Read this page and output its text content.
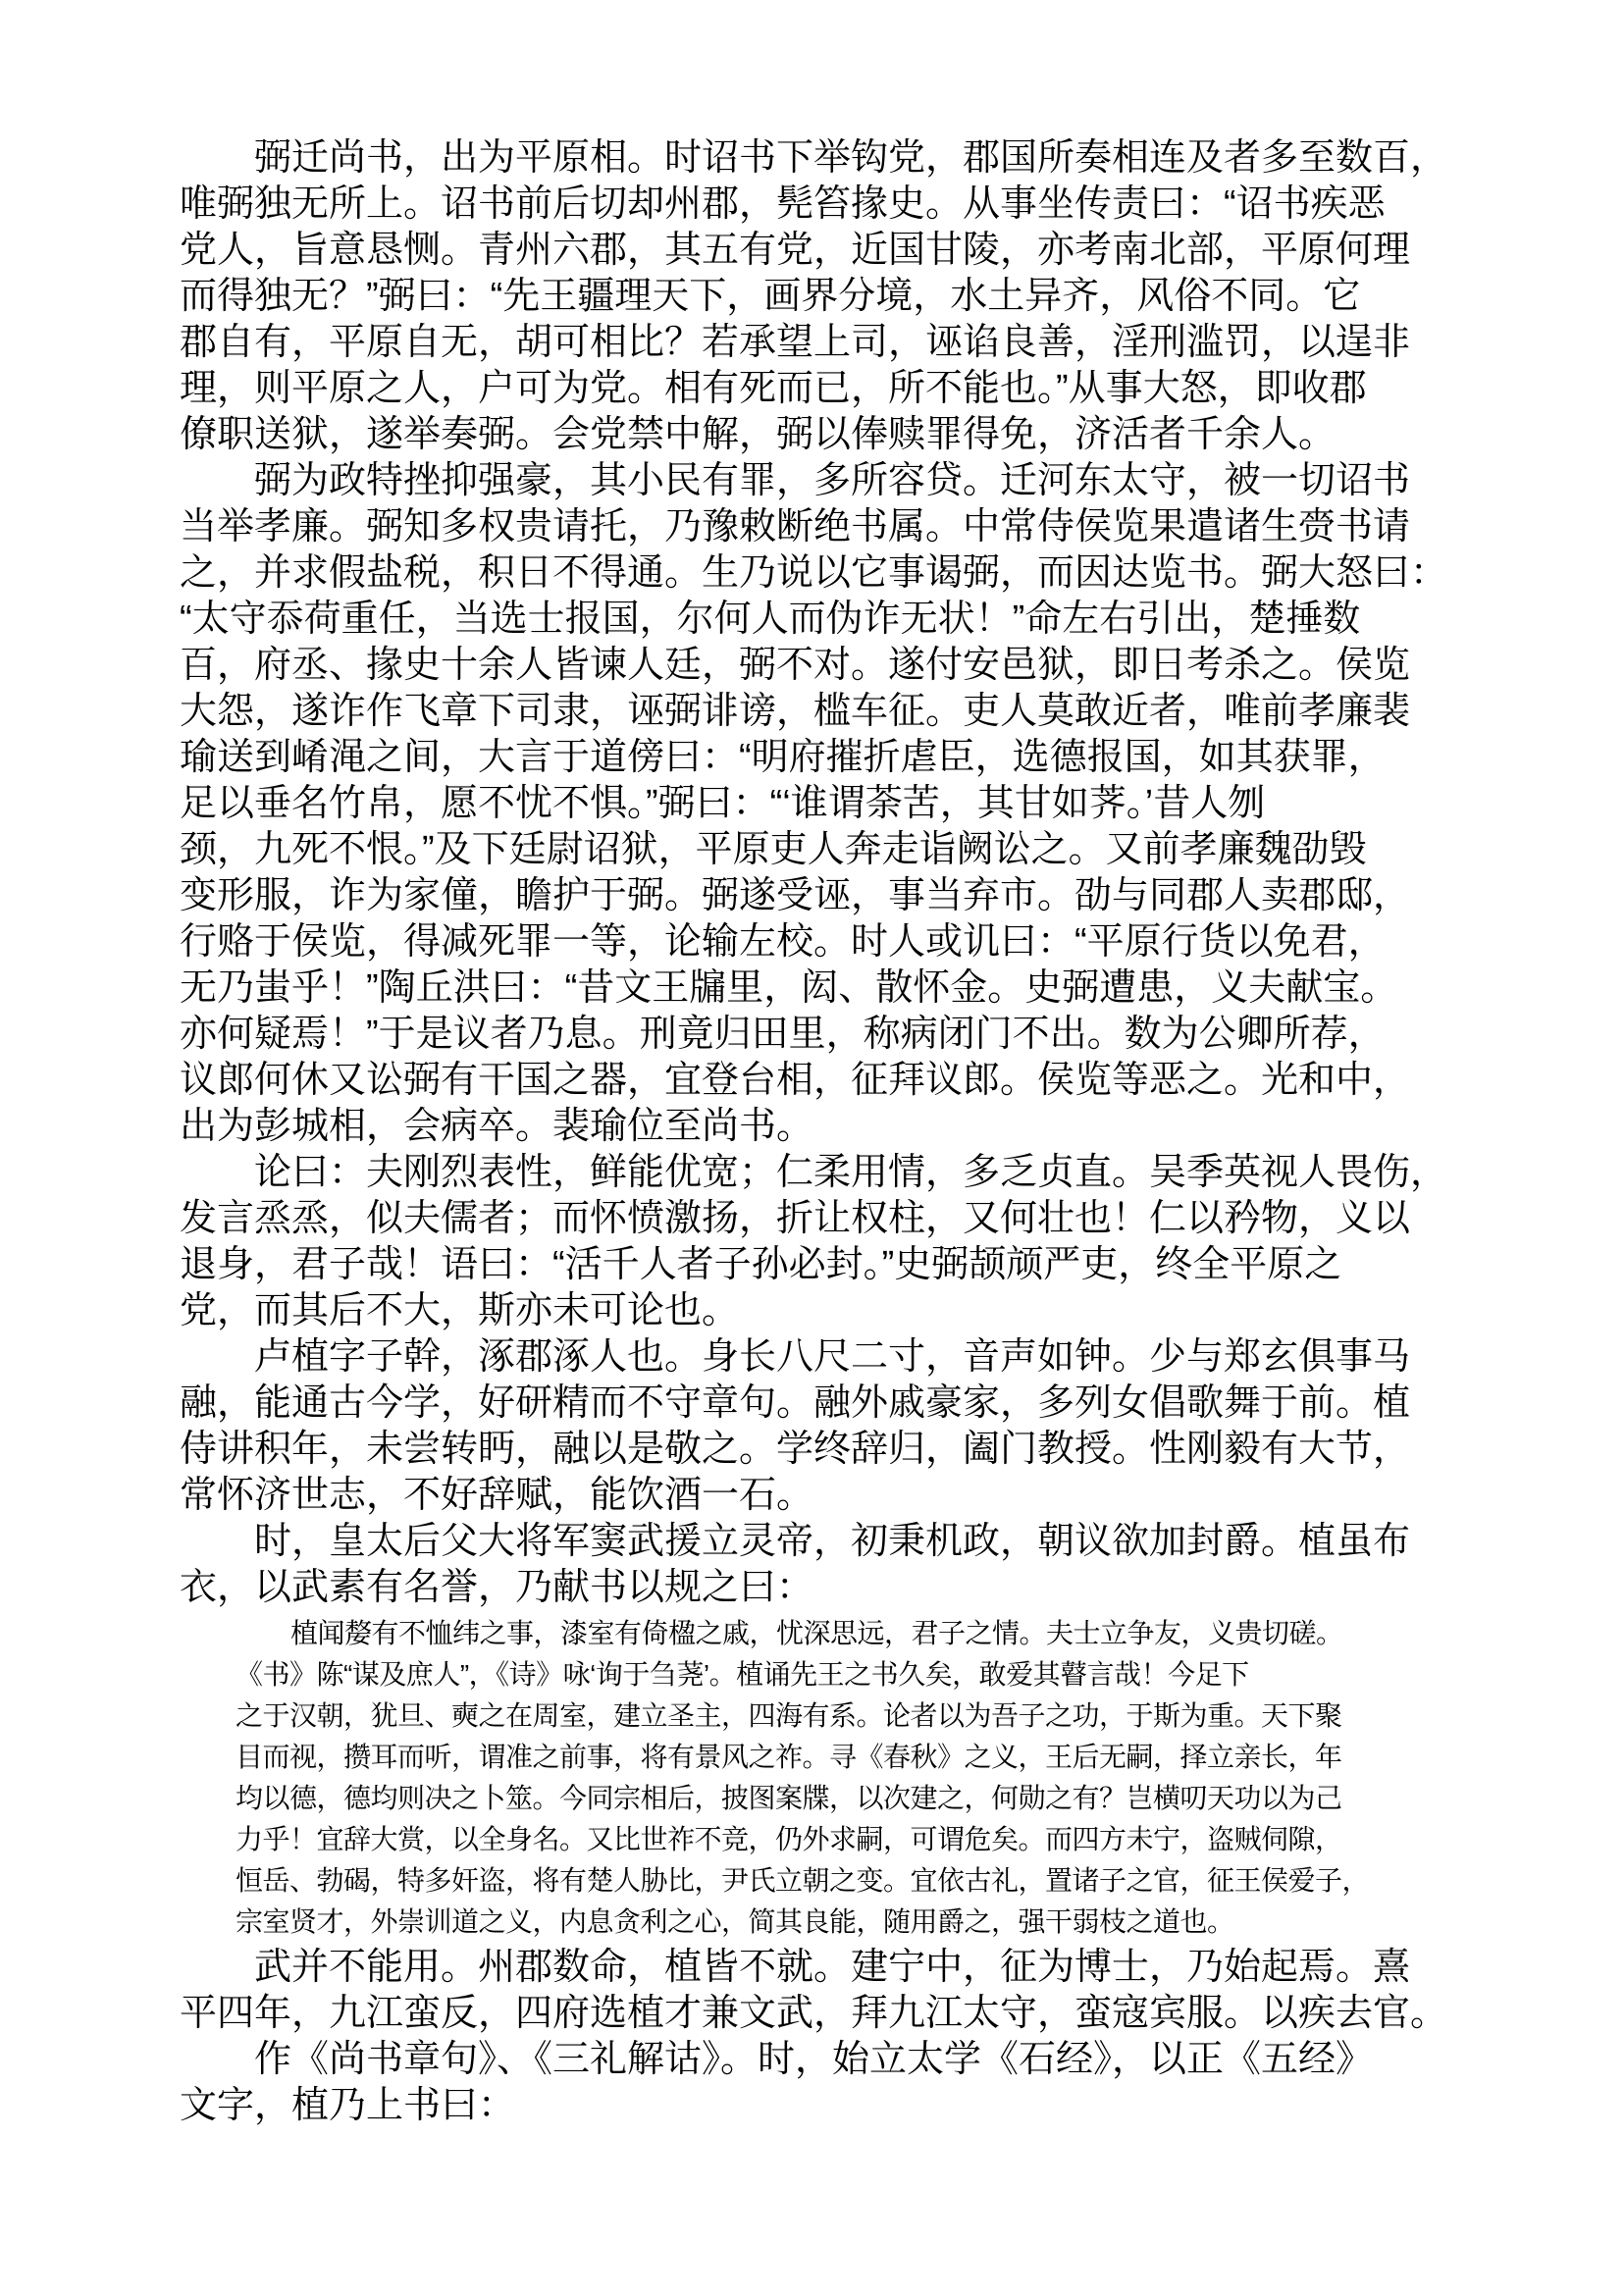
弼迁尚书，出为平原相。时诏书下举钩党，郡国所奏相连及者多至数百，
唯弼独无所上。诏书前后切却州郡，髡笞掾史。从事坐传责曰：“诏书疾恶
党人，旨意恳恻。青州六郡，其五有党，近国甘陵，亦考南北部，平原何理
而得独无？”弼曰：“先王疆理天下，画界分境，水土异齐，风俗不同。它
郡自有，平原自无，胡可相比？若承望上司，诬谄良善，淫刑滥罚，以逞非
理，则平原之人，户可为党。相有死而已，所不能也。”从事大怒，即收郡
僚职送狱，遂举奏弼。会党禁中解，弼以俸赎罪得免，济活者千余人。
弼为政特挫抑强豪，其小民有罪，多所容贷。迁河东太守，被一切诏书
当举孝廉。弼知多权贵请托，乃豫敕断绝书属。中常侍侯览果遣诸生赍书请
之，并求假盐税，积日不得通。生乃说以它事谒弼，而因达览书。弼大怒曰：
“太守忝荷重任，当选士报国，尔何人而伪诈无状！”命左右引出，楚捶数
百，府丞、掾史十余人皆谏人廷，弼不对。遂付安邑狱，即日考杀之。侯览
大怨，遂诈作飞章下司隶，诬弼诽谤，槛车征。吏人莫敢近者，唯前孝廉裴
瑜送到崤渑之间，大言于道傍曰：“明府摧折虐臣，选德报国，如其获罪，
足以垂名竹帛，愿不忧不惧。”弼曰：“‘谁谓荼苦，其甘如荠。’昔人刎
颈，九死不恨。”及下廷尉诏狱，平原吏人奔走诣阙讼之。又前孝廉魏劭毁
变形服，诈为家僮，瞻护于弼。弼遂受诬，事当弃市。劭与同郡人卖郡邸，
行赂于侯览，得减死罪一等，论输左校。时人或讥曰：“平原行货以免君，
无乃蚩乎！”陶丘洪曰：“昔文王牖里，闳、散怀金。史弼遭患，义夫献宝。
亦何疑焉！”于是议者乃息。刑竟归田里，称病闭门不出。数为公卿所荐，
议郎何休又讼弼有干国之器，宜登台相，征拜议郎。侯览等恶之。光和中，
出为彭城相，会病卒。裴瑜位至尚书。
论曰：夫刚烈表性，鲜能优宽；仁柔用情，多乏贞直。吴季英视人畏伤，
发言烝烝，似夫儒者；而怀愤激扬，折让权柱，又何壮也！仁以矜物，义以
退身，君子哉！语曰：“活千人者子孙必封。”史弼颉颃严吏，终全平原之
党，而其后不大，斯亦未可论也。
卢植字子幹，涿郡涿人也。身长八尺二寸，音声如钟。少与郑玄俱事马
融，能通古今学，好研精而不守章句。融外戚豪家，多列女倡歌舞于前。植
侍讲积年，未尝转眄，融以是敬之。学终辞归，阖门教授。性刚毅有大节，
常怀济世志，不好辞赋，能饮酒一石。
时，皇太后父大将军窦武援立灵帝，初秉机政，朝议欲加封爵。植虽布
衣，以武素有名誉，乃献书以规之曰：
植闻嫠有不恤纬之事，漆室有倚楹之戚，忧深思远，君子之情。夫士立争友，义贵切磋。
《书》陈“谋及庶人”，《诗》咏‘询于刍荛’。植诵先王之书久矣，敢爱其瞽言哉！今足下
之于汉朝，犹旦、奭之在周室，建立圣主，四海有系。论者以为吾子之功，于斯为重。天下聚
目而视，攒耳而听，谓准之前事，将有景风之祚。寻《春秋》之义，王后无嗣，择立亲长，年
均以德，德均则决之卜筮。今同宗相后，披图案牒，以次建之，何勋之有？岂横叨天功以为己
力乎！宜辞大赏，以全身名。又比世祚不竞，仍外求嗣，可谓危矣。而四方未宁，盗贼伺隙，
恒岳、勃碣，特多奸盗，将有楚人胁比，尹氏立朝之变。宜依古礼，置诸子之官，征王侯爱子，
宗室贤才，外崇训道之义，内息贪利之心，简其良能，随用爵之，强干弱枝之道也。
武并不能用。州郡数命，植皆不就。建宁中，征为博士，乃始起焉。熹
平四年，九江蛮反，四府选植才兼文武，拜九江太守，蛮寇宾服。以疾去官。
作《尚书章句》、《三礼解诂》。时，始立太学《石经》，以正《五经》
文字，植乃上书曰：
